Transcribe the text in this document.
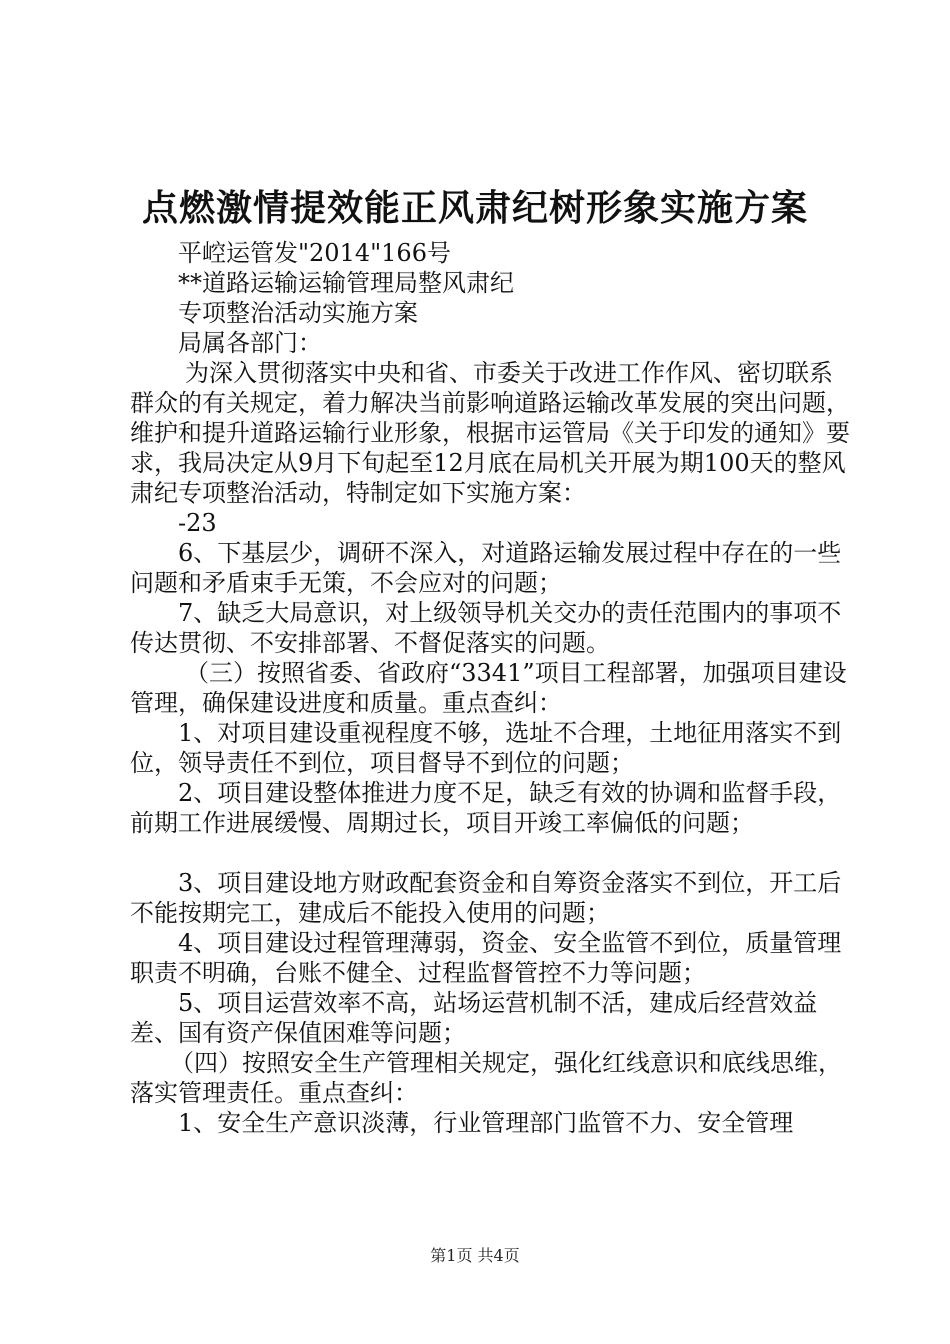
点燃激情提效能正风肃纪树形象实施方案
平崆运管发"2014"166号
**道路运输运输管理局整风肃纪
专项整治活动实施方案
局属各部门：
为深入贯彻落实中央和省、市委关于改进工作作风、密切联系群众的有关规定，着力解决当前影响道路运输改革发展的突出问题，维护和提升道路运输行业形象，根据市运管局《关于印发的通知》要求，我局决定从9月下旬起至12月底在局机关开展为期100天的整风肃纪专项整治活动，特制定如下实施方案：
-23
6、下基层少，调研不深入，对道路运输发展过程中存在的一些问题和矛盾束手无策，不会应对的问题；
7、缺乏大局意识，对上级领导机关交办的责任范围内的事项不传达贯彻、不安排部署、不督促落实的问题。
（三）按照省委、省政府“3341”项目工程部署，加强项目建设管理，确保建设进度和质量。重点查纠：
1、对项目建设重视程度不够，选址不合理，土地征用落实不到位，领导责任不到位，项目督导不到位的问题；
2、项目建设整体推进力度不足，缺乏有效的协调和监督手段，前期工作进展缓慢、周期过长，项目开竣工率偏低的问题；
3、项目建设地方财政配套资金和自筹资金落实不到位，开工后不能按期完工，建成后不能投入使用的问题；
4、项目建设过程管理薄弱，资金、安全监管不到位，质量管理职责不明确，台账不健全、过程监督管控不力等问题；
5、项目运营效率不高，站场运营机制不活，建成后经营效益差、国有资产保值困难等问题；
（四）按照安全生产管理相关规定，强化红线意识和底线思维，落实管理责任。重点查纠：
1、安全生产意识淡薄，行业管理部门监管不力、安全管理
第1页 共4页
